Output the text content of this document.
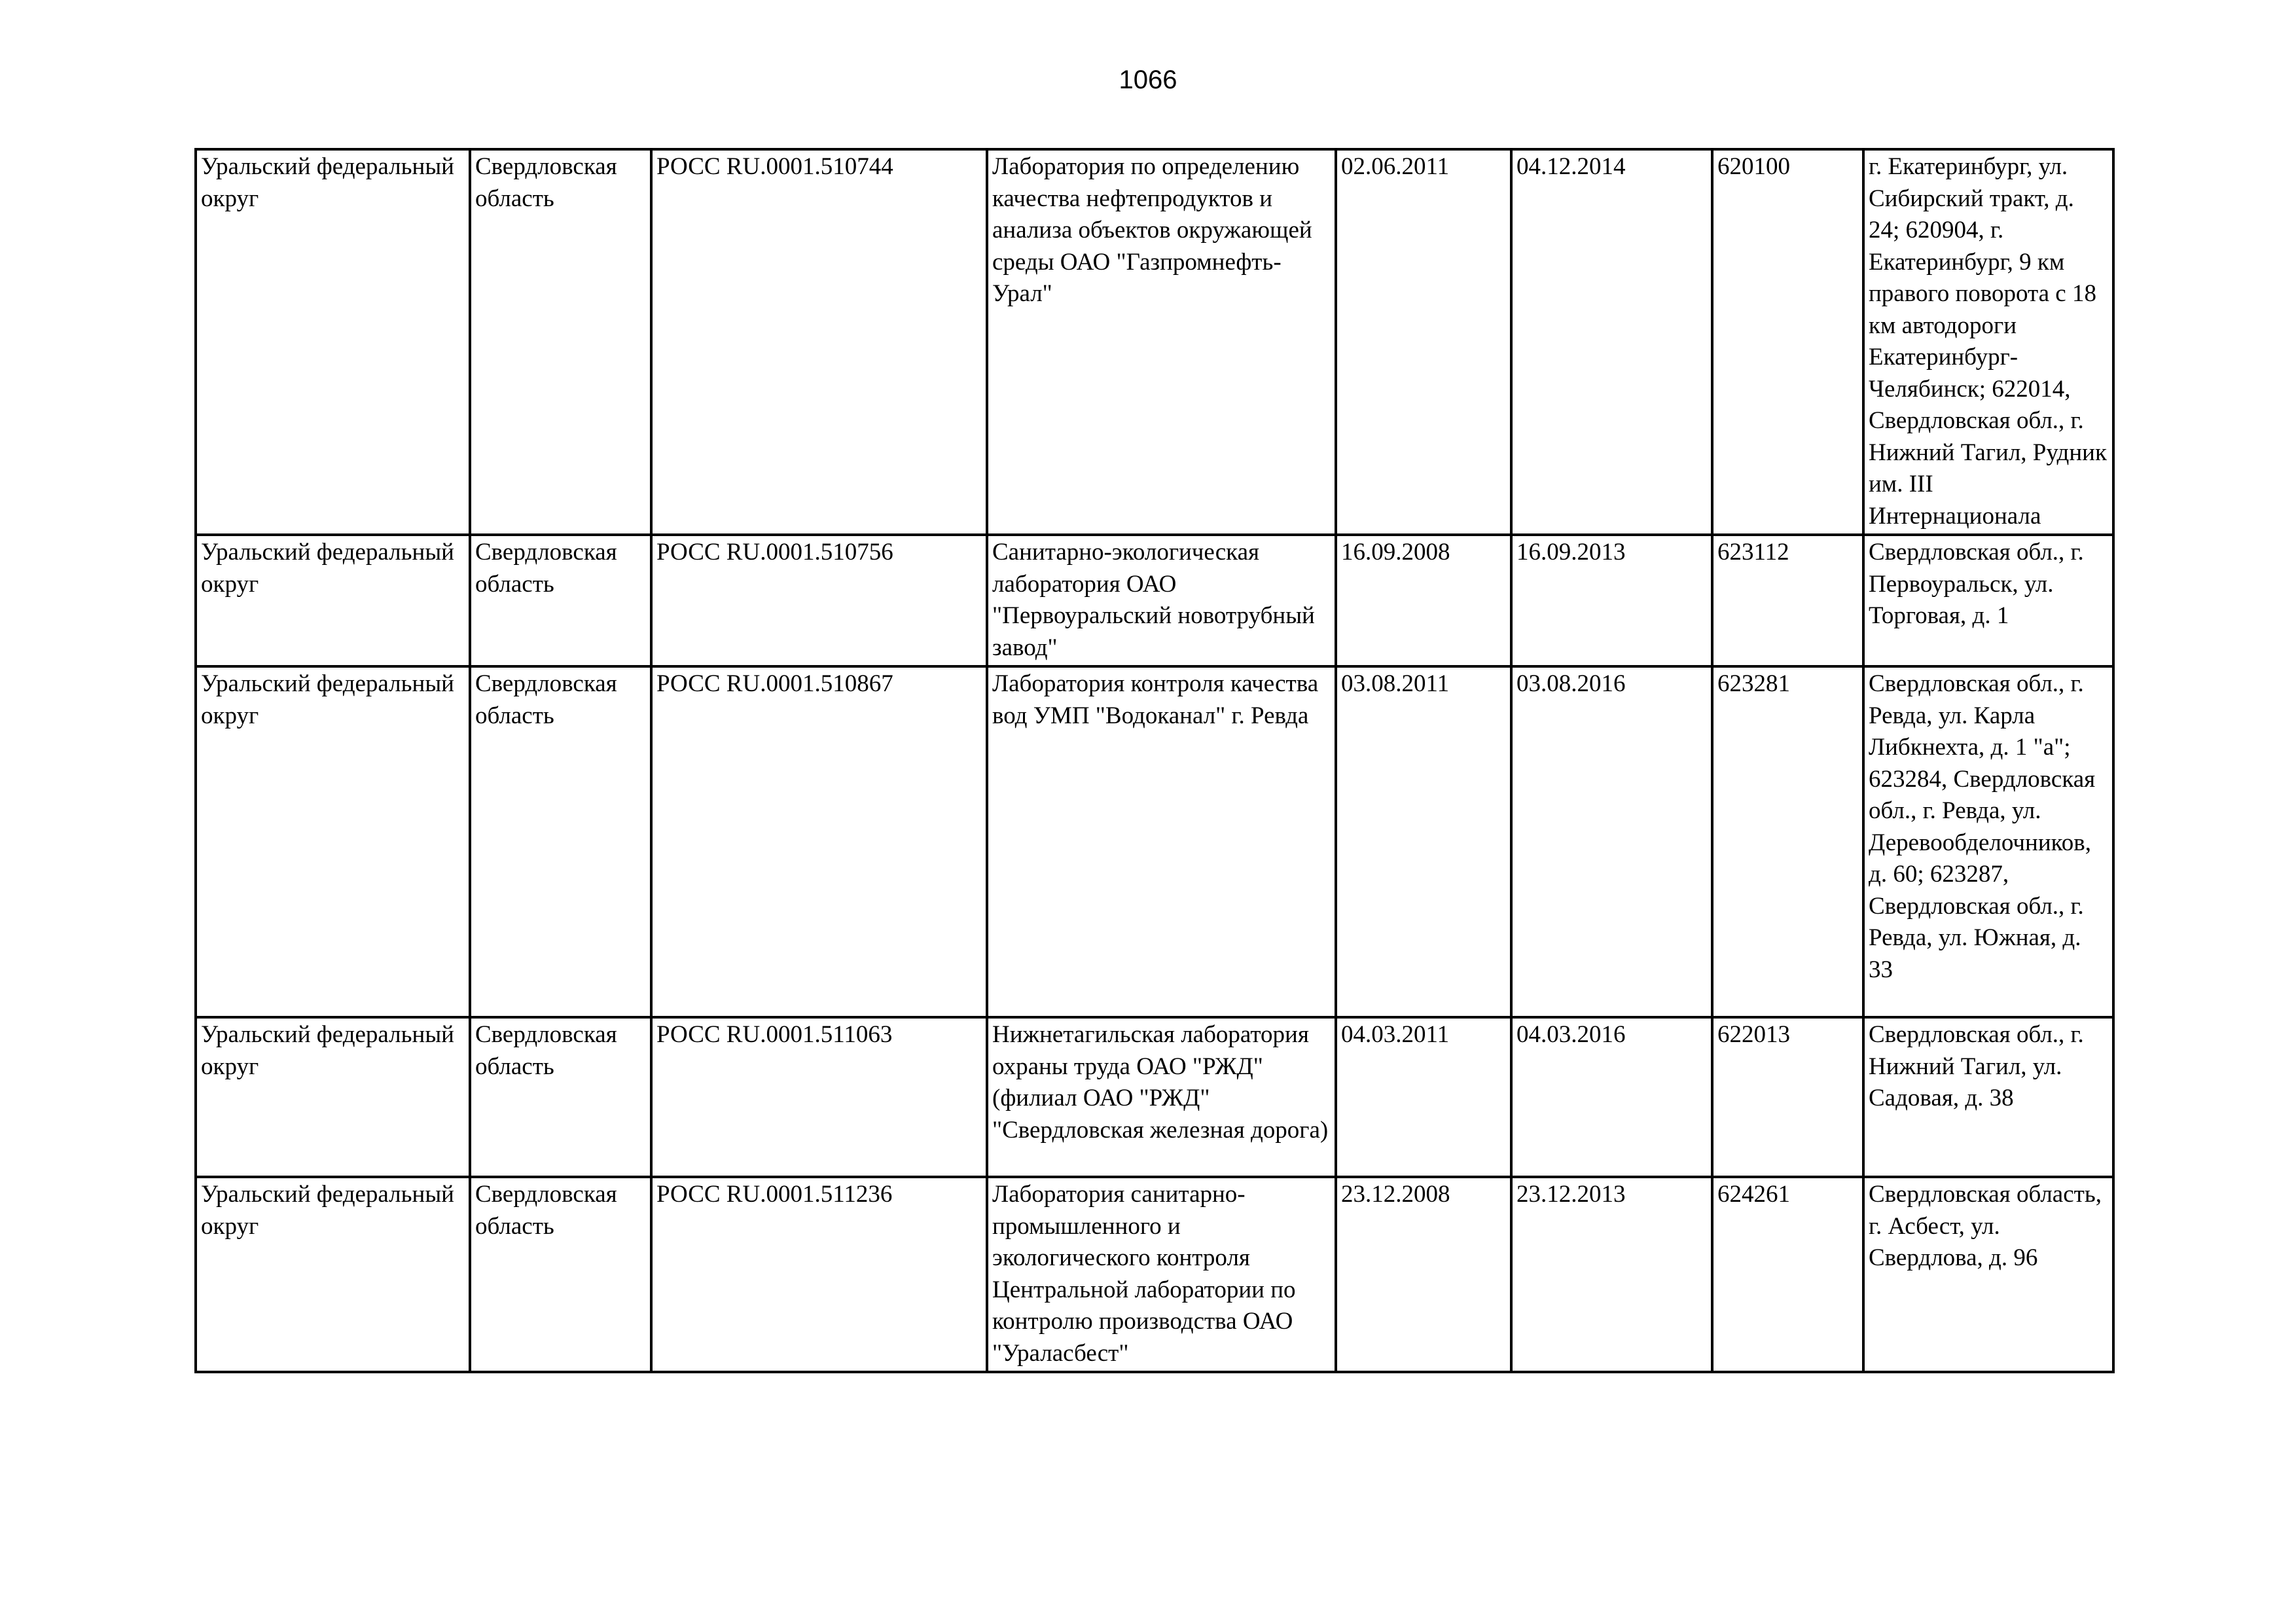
1066
Уральский федеральный округ	Свердловская область	РОСС RU.0001.510744	Лаборатория по определению качества нефтепродуктов и анализа объектов окружающей среды ОАО "Газпромнефть-Урал"	02.06.2011	04.12.2014	620100	г. Екатеринбург, ул. Сибирский тракт, д. 24; 620904, г. Екатеринбург, 9 км правого поворота с 18 км автодороги Екатеринбург-Челябинск; 622014, Свердловская обл., г. Нижний Тагил, Рудник им. III Интернационала
Уральский федеральный округ	Свердловская область	РОСС RU.0001.510756	Санитарно-экологическая лаборатория ОАО "Первоуральский новотрубный завод"	16.09.2008	16.09.2013	623112	Свердловская обл., г. Первоуральск, ул. Торговая, д. 1
Уральский федеральный округ	Свердловская область	РОСС RU.0001.510867	Лаборатория контроля качества вод УМП "Водоканал" г. Ревда	03.08.2011	03.08.2016	623281	Свердловская обл., г. Ревда, ул. Карла Либкнехта, д. 1 "а"; 623284, Свердловская обл., г. Ревда, ул. Деревообделочников, д. 60; 623287, Свердловская обл., г. Ревда, ул. Южная, д. 33
Уральский федеральный округ	Свердловская область	РОСС RU.0001.511063	Нижнетагильская лаборатория охраны труда ОАО "РЖД" (филиал ОАО "РЖД" "Свердловская железная дорога)	04.03.2011	04.03.2016	622013	Свердловская обл., г. Нижний Тагил, ул. Садовая, д. 38
Уральский федеральный округ	Свердловская область	РОСС RU.0001.511236	Лаборатория санитарно-промышленного и экологического контроля Центральной лаборатории по контролю производства ОАО "Ураласбест"	23.12.2008	23.12.2013	624261	Свердловская область, г. Асбест, ул. Свердлова, д. 96
